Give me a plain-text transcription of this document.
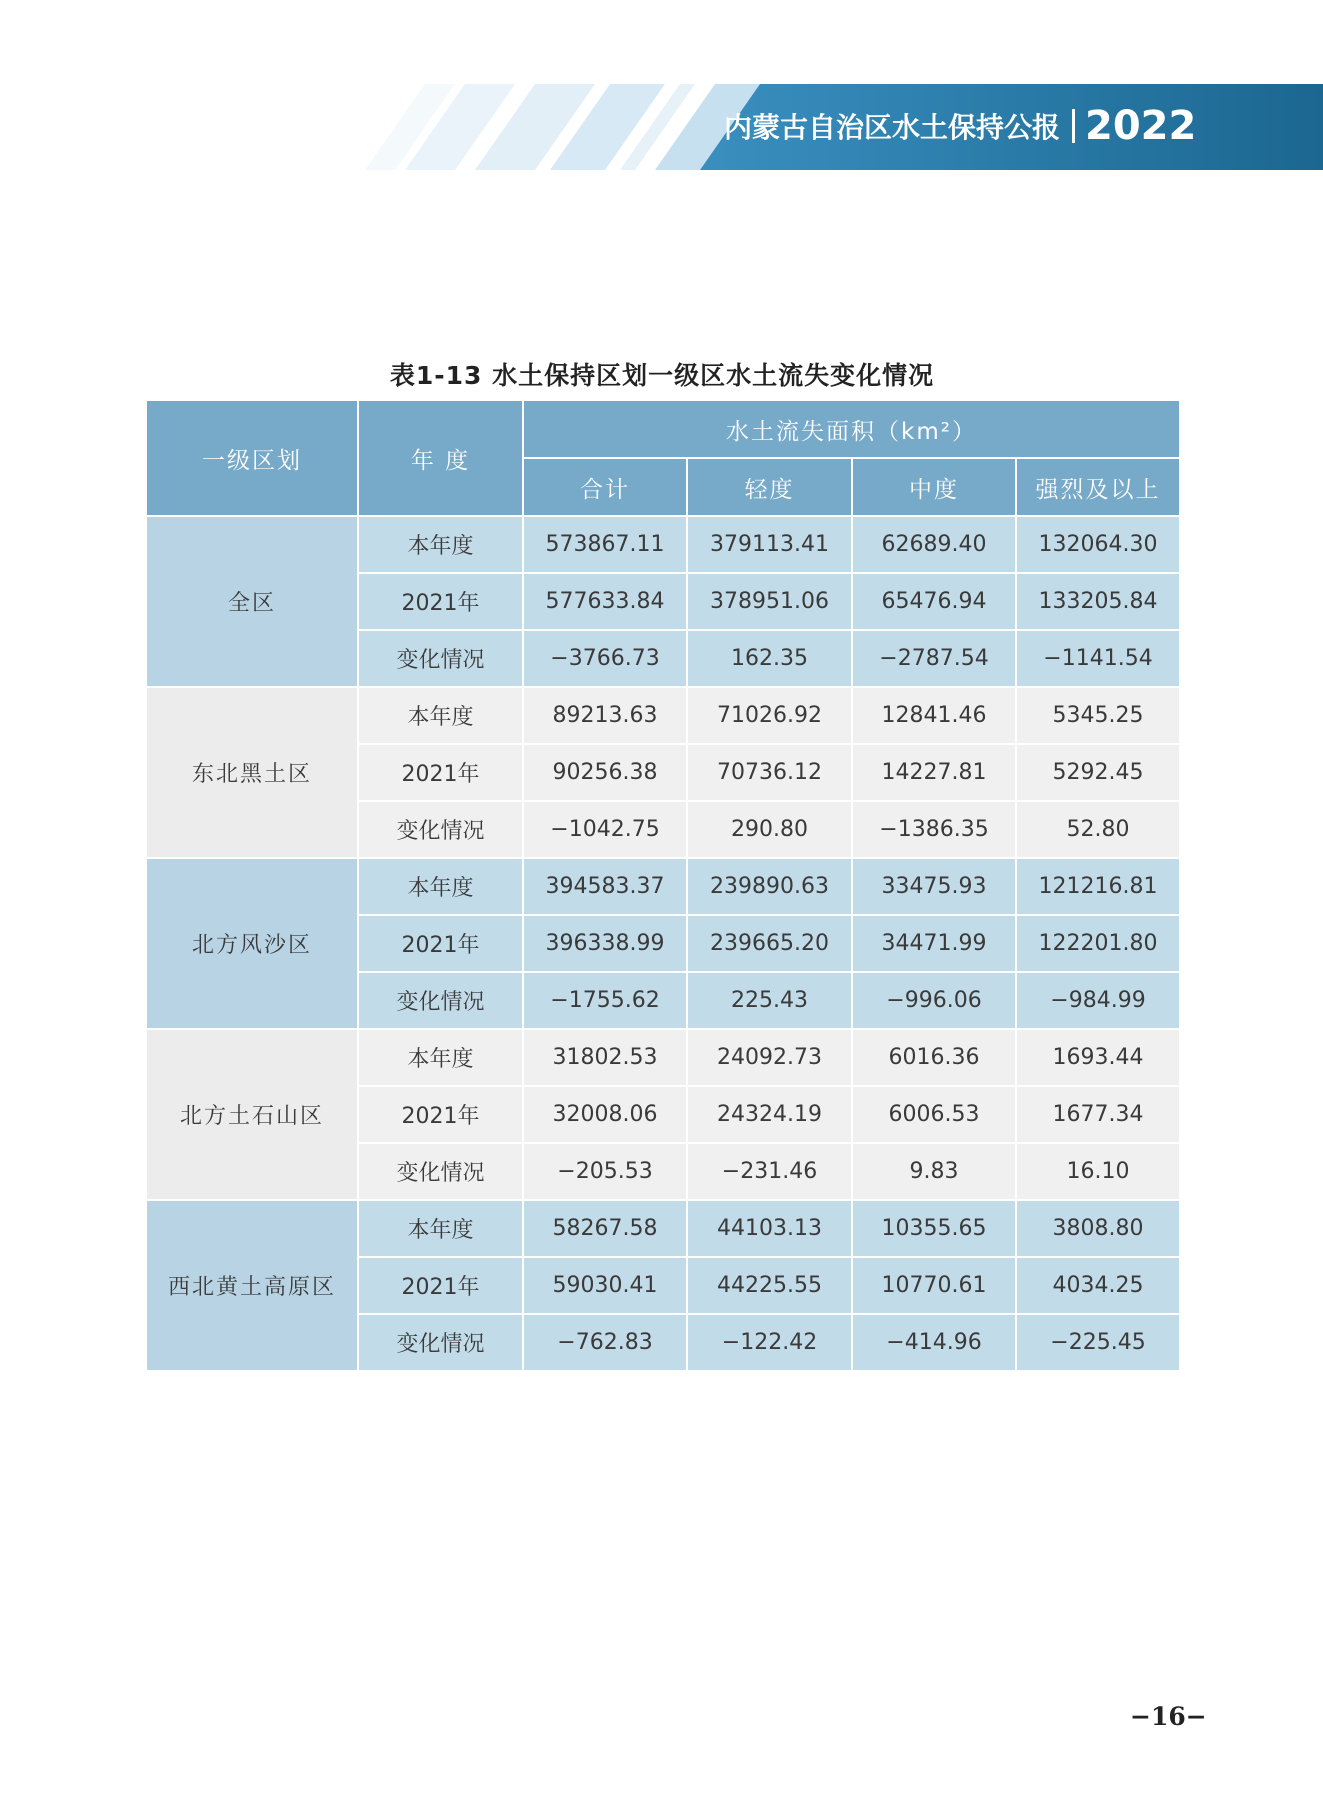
内蒙古自治区水土保持公报 2022
表1-13 水土保持区划一级区水土流失变化情况
一级区划	年 度	水土流失面积（km²）			
		合计	轻度	中度	强烈及以上
全区	本年度	573867.11	379113.41	62689.40	132064.30
	2021年	577633.84	378951.06	65476.94	133205.84
	变化情况	−3766.73	162.35	−2787.54	−1141.54
东北黑土区	本年度	89213.63	71026.92	12841.46	5345.25
	2021年	90256.38	70736.12	14227.81	5292.45
	变化情况	−1042.75	290.80	−1386.35	52.80
北方风沙区	本年度	394583.37	239890.63	33475.93	121216.81
	2021年	396338.99	239665.20	34471.99	122201.80
	变化情况	−1755.62	225.43	−996.06	−984.99
北方土石山区	本年度	31802.53	24092.73	6016.36	1693.44
	2021年	32008.06	24324.19	6006.53	1677.34
	变化情况	−205.53	−231.46	9.83	16.10
西北黄土高原区	本年度	58267.58	44103.13	10355.65	3808.80
	2021年	59030.41	44225.55	10770.61	4034.25
	变化情况	−762.83	−122.42	−414.96	−225.45
−16−
